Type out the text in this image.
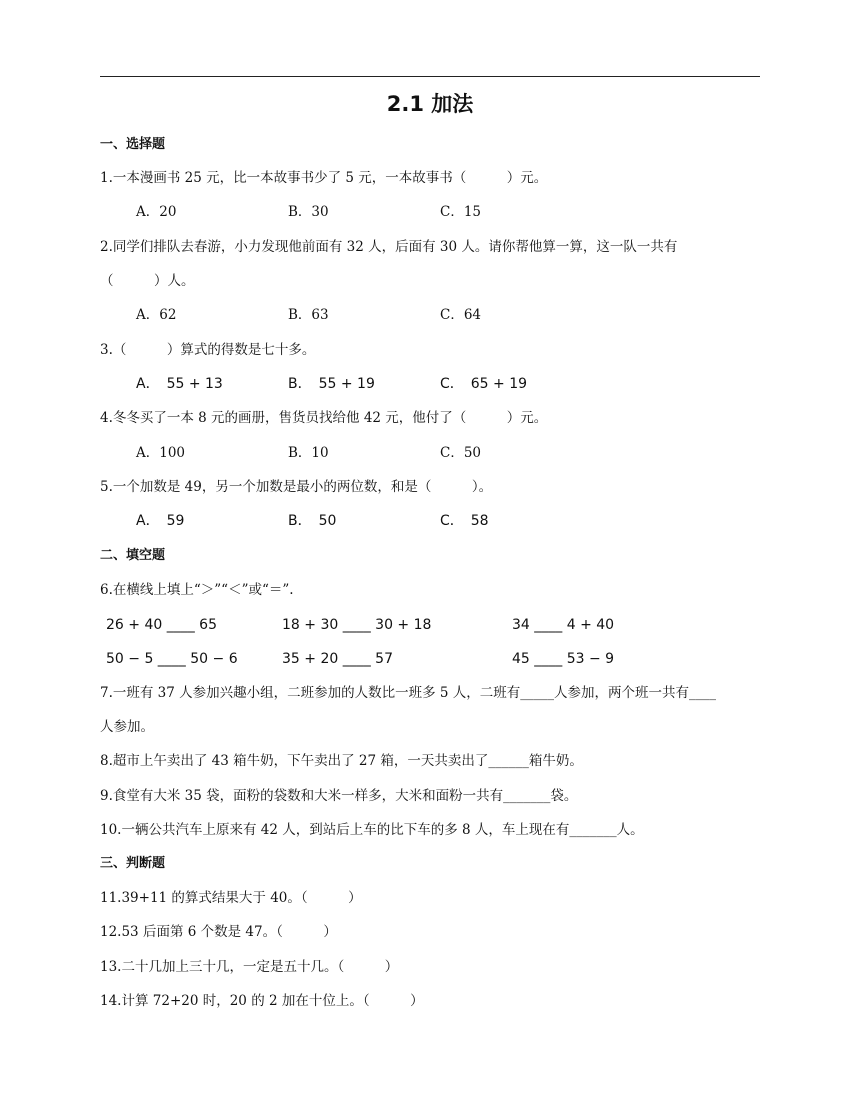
2.1 加法
一、选择题
1.一本漫画书 25 元，比一本故事书少了 5 元，一本故事书（　　　）元。
A．20	B．30	C．15
2.同学们排队去春游，小力发现他前面有 32 人，后面有 30 人。请你帮他算一算，这一队一共有
（　　　）人。
A．62	B．63	C．64
3.（　　　）算式的得数是七十多。
A．　55 + 13	B．　55 + 19	C．　65 + 19
4.冬冬买了一本 8 元的画册，售货员找给他 42 元，他付了（　　　）元。
A．100	B．10	C．50
5.一个加数是 49，另一个加数是最小的两位数，和是（　　　）。
A．　59	B．　50	C．　58
二、填空题
6.在横线上填上“＞”“＜”或“＝”.
26 + 40 ____ 65	18 + 30 ____ 30 + 18	34 ____ 4 + 40
50 − 5 ____ 50 − 6	35 + 20 ____ 57	45 ____ 53 − 9
7.一班有 37 人参加兴趣小组，二班参加的人数比一班多 5 人，二班有_____人参加，两个班一共有____
人参加。
8.超市上午卖出了 43 箱牛奶，下午卖出了 27 箱，一天共卖出了______箱牛奶。
9.食堂有大米 35 袋，面粉的袋数和大米一样多，大米和面粉一共有_______袋。
10.一辆公共汽车上原来有 42 人，到站后上车的比下车的多 8 人，车上现在有_______人。
三、判断题
11.39+11 的算式结果大于 40。（　　　）
12.53 后面第 6 个数是 47。（　　　）
13.二十几加上三十几，一定是五十几。（　　　）
14.计算 72+20 时，20 的 2 加在十位上。（　　　）
